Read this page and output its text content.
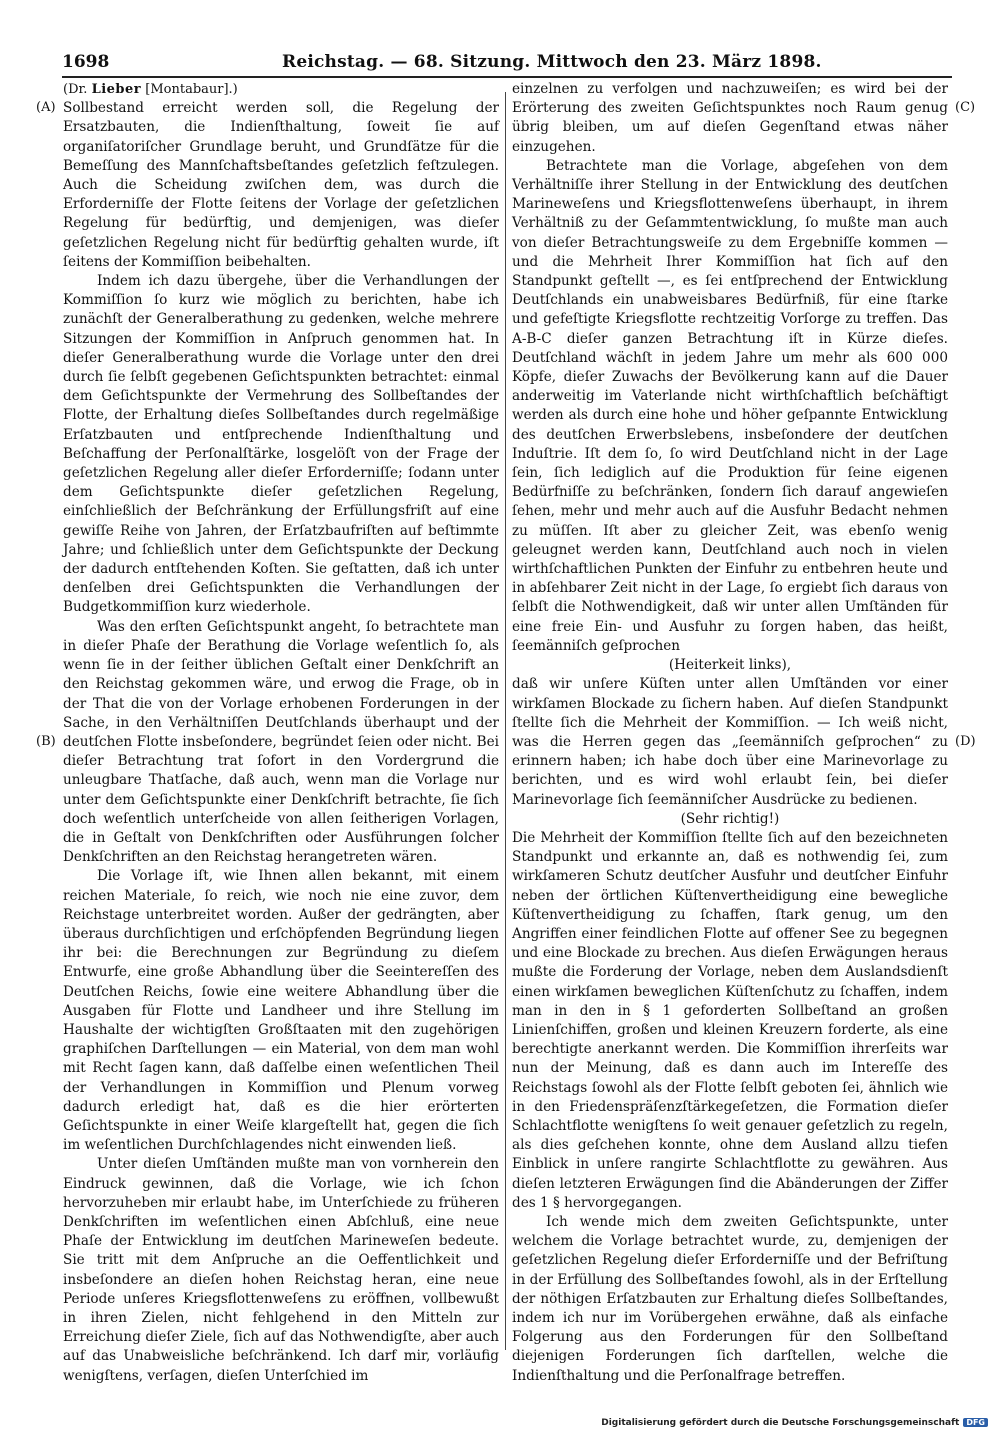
1698	Reichstag. — 68. Sitzung. Mittwoch den 23. März 1898.
(A)
(B)
(C)
(D)

(Dr. Lieber [Montabaur].)

Sollbestand erreicht werden soll, die Regelung der Ersatzbauten, die Indienſthaltung, ſoweit ſie auf organiſatoriſcher Grundlage beruht, und Grundſätze für die Bemeſſung des Mannſchaftsbeſtandes geſetzlich feſtzulegen. Auch die Scheidung zwiſchen dem, was durch die Erforderniſſe der Flotte ſeitens der Vorlage der geſetzlichen Regelung für bedürftig, und demjenigen, was dieſer geſetzlichen Regelung nicht für bedürftig gehalten wurde, iſt ſeitens der Kommiſſion beibehalten.

Indem ich dazu übergehe, über die Verhandlungen der Kommiſſion ſo kurz wie möglich zu berichten, habe ich zunächſt der Generalberathung zu gedenken, welche mehrere Sitzungen der Kommiſſion in Anſpruch genommen hat. In dieſer Generalberathung wurde die Vorlage unter den drei durch ſie ſelbſt gegebenen Geſichtspunkten betrachtet: einmal dem Geſichtspunkte der Vermehrung des Sollbeſtandes der Flotte, der Erhaltung dieſes Sollbeſtandes durch regelmäßige Erſatzbauten und entſprechende Indienſthaltung und Beſchaffung der Perſonalſtärke, losgelöſt von der Frage der geſetzlichen Regelung aller dieſer Erforderniſſe; ſodann unter dem Geſichtspunkte dieſer geſetzlichen Regelung, einſchließlich der Beſchränkung der Erfüllungsfriſt auf eine gewiſſe Reihe von Jahren, der Erſatzbaufriſten auf beſtimmte Jahre; und ſchließlich unter dem Geſichtspunkte der Deckung der dadurch entſtehenden Koſten. Sie geſtatten, daß ich unter denſelben drei Geſichtspunkten die Verhandlungen der Budgetkommiſſion kurz wiederhole.

Was den erſten Geſichtspunkt angeht, ſo betrachtete man in dieſer Phaſe der Berathung die Vorlage weſentlich ſo, als wenn ſie in der ſeither üblichen Geſtalt einer Denkſchrift an den Reichstag gekommen wäre, und erwog die Frage, ob in der That die von der Vorlage erhobenen Forderungen in der Sache, in den Verhältniſſen Deutſchlands überhaupt und der deutſchen Flotte insbeſondere, begründet ſeien oder nicht. Bei dieſer Betrachtung trat ſofort in den Vordergrund die unleugbare Thatſache, daß auch, wenn man die Vorlage nur unter dem Geſichtspunkte einer Denkſchrift betrachte, ſie ſich doch weſentlich unterſcheide von allen ſeitherigen Vorlagen, die in Geſtalt von Denkſchriften oder Ausführungen ſolcher Denkſchriften an den Reichstag herangetreten wären.

Die Vorlage iſt, wie Ihnen allen bekannt, mit einem reichen Materiale, ſo reich, wie noch nie eine zuvor, dem Reichstage unterbreitet worden. Außer der gedrängten, aber überaus durchſichtigen und erſchöpfenden Begründung liegen ihr bei: die Berechnungen zur Begründung zu dieſem Entwurfe, eine große Abhandlung über die Seeintereſſen des Deutſchen Reichs, ſowie eine weitere Abhandlung über die Ausgaben für Flotte und Landheer und ihre Stellung im Haushalte der wichtigſten Großſtaaten mit den zugehörigen graphiſchen Darſtellungen — ein Material, von dem man wohl mit Recht ſagen kann, daß daſſelbe einen weſentlichen Theil der Verhandlungen in Kommiſſion und Plenum vorweg dadurch erledigt hat, daß es die hier erörterten Geſichtspunkte in einer Weiſe klargeſtellt hat, gegen die ſich im weſentlichen Durchſchlagendes nicht einwenden ließ.

Unter dieſen Umſtänden mußte man von vornherein den Eindruck gewinnen, daß die Vorlage, wie ich ſchon hervorzuheben mir erlaubt habe, im Unterſchiede zu früheren Denkſchriften im weſentlichen einen Abſchluß, eine neue Phaſe der Entwicklung im deutſchen Marineweſen bedeute. Sie tritt mit dem Anſpruche an die Oeffentlichkeit und insbeſondere an dieſen hohen Reichstag heran, eine neue Periode unſeres Kriegsflottenweſens zu eröffnen, vollbewußt in ihren Zielen, nicht fehlgehend in den Mitteln zur Erreichung dieſer Ziele, ſich auf das Nothwendigſte, aber auch auf das Unabweisliche beſchränkend. Ich darf mir, vorläufig wenigſtens, verſagen, dieſen Unterſchied im

einzelnen zu verfolgen und nachzuweiſen; es wird bei der Erörterung des zweiten Geſichtspunktes noch Raum genug übrig bleiben, um auf dieſen Gegenſtand etwas näher einzugehen.

Betrachtete man die Vorlage, abgeſehen von dem Verhältniſſe ihrer Stellung in der Entwicklung des deutſchen Marineweſens und Kriegsflottenweſens überhaupt, in ihrem Verhältniß zu der Geſammtentwicklung, ſo mußte man auch von dieſer Betrachtungsweiſe zu dem Ergebniſſe kommen — und die Mehrheit Ihrer Kommiſſion hat ſich auf den Standpunkt geſtellt —, es ſei entſprechend der Entwicklung Deutſchlands ein unabweisbares Bedürfniß, für eine ſtarke und gefeſtigte Kriegsflotte rechtzeitig Vorſorge zu treffen. Das A-B-C dieſer ganzen Betrachtung iſt in Kürze dieſes. Deutſchland wächſt in jedem Jahre um mehr als 600 000 Köpfe, dieſer Zuwachs der Bevölkerung kann auf die Dauer anderweitig im Vaterlande nicht wirthſchaftlich beſchäftigt werden als durch eine hohe und höher geſpannte Entwicklung des deutſchen Erwerbslebens, insbeſondere der deutſchen Induſtrie. Iſt dem ſo, ſo wird Deutſchland nicht in der Lage ſein, ſich lediglich auf die Produktion für ſeine eigenen Bedürfniſſe zu beſchränken, ſondern ſich darauf angewieſen ſehen, mehr und mehr auch auf die Ausfuhr Bedacht nehmen zu müſſen. Iſt aber zu gleicher Zeit, was ebenſo wenig geleugnet werden kann, Deutſchland auch noch in vielen wirthſchaftlichen Punkten der Einfuhr zu entbehren heute und in abſehbarer Zeit nicht in der Lage, ſo ergiebt ſich daraus von ſelbſt die Nothwendigkeit, daß wir unter allen Umſtänden für eine freie Ein- und Ausfuhr zu ſorgen haben, das heißt, ſeemänniſch geſprochen

(Heiterkeit links),

daß wir unſere Küſten unter allen Umſtänden vor einer wirkſamen Blockade zu ſichern haben. Auf dieſen Standpunkt ſtellte ſich die Mehrheit der Kommiſſion. — Ich weiß nicht, was die Herren gegen das „ſeemänniſch geſprochen“ zu erinnern haben; ich habe doch über eine Marinevorlage zu berichten, und es wird wohl erlaubt ſein, bei dieſer Marinevorlage ſich ſeemänniſcher Ausdrücke zu bedienen.

(Sehr richtig!)

Die Mehrheit der Kommiſſion ſtellte ſich auf den bezeichneten Standpunkt und erkannte an, daß es nothwendig ſei, zum wirkſameren Schutz deutſcher Ausfuhr und deutſcher Einfuhr neben der örtlichen Küſtenvertheidigung eine bewegliche Küſtenvertheidigung zu ſchaffen, ſtark genug, um den Angriffen einer feindlichen Flotte auf offener See zu begegnen und eine Blockade zu brechen. Aus dieſen Erwägungen heraus mußte die Forderung der Vorlage, neben dem Auslandsdienſt einen wirkſamen beweglichen Küſtenſchutz zu ſchaffen, indem man in den in § 1 geforderten Sollbeſtand an großen Linienſchiffen, großen und kleinen Kreuzern forderte, als eine berechtigte anerkannt werden. Die Kommiſſion ihrerſeits war nun der Meinung, daß es dann auch im Intereſſe des Reichstags ſowohl als der Flotte ſelbſt geboten ſei, ähnlich wie in den Friedenspräſenzſtärkegeſetzen, die Formation dieſer Schlachtflotte wenigſtens ſo weit genauer geſetzlich zu regeln, als dies geſchehen konnte, ohne dem Ausland allzu tiefen Einblick in unſere rangirte Schlachtflotte zu gewähren. Aus dieſen letzteren Erwägungen ſind die Abänderungen der Ziffer des 1 § hervorgegangen.

Ich wende mich dem zweiten Geſichtspunkte, unter welchem die Vorlage betrachtet wurde, zu, demjenigen der geſetzlichen Regelung dieſer Erforderniſſe und der Befriſtung in der Erfüllung des Sollbeſtandes ſowohl, als in der Erſtellung der nöthigen Erſatzbauten zur Erhaltung dieſes Sollbeſtandes, indem ich nur im Vorübergehen erwähne, daß als einfache Folgerung aus den Forderungen für den Sollbeſtand diejenigen Forderungen ſich darſtellen, welche die Indienſthaltung und die Perſonalfrage betreffen.

Digitalisierung gefördert durch die Deutsche Forschungsgemeinschaft DFG
